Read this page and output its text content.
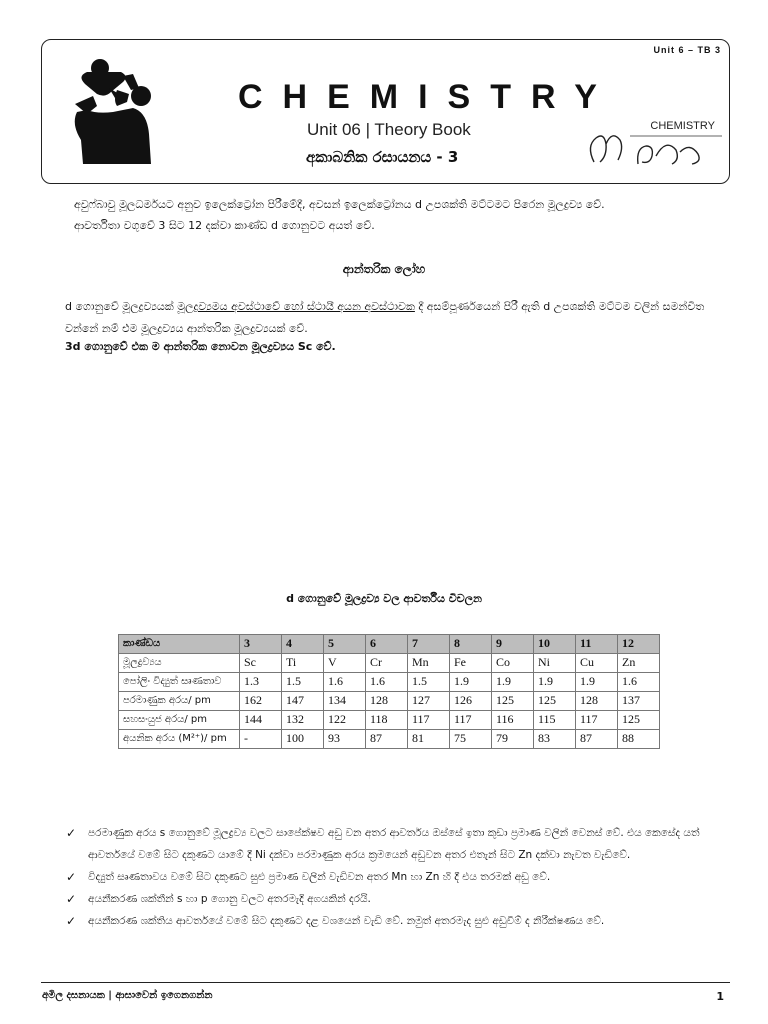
Unit 6 – TB 3
CHEMISTRY
Unit 06 | Theory Book
අකාබනික රසායනය - 3
CHEMISTRY
අවුෆ්බාවු මූලධර්මයට අනුව ඉලෙක්ට්‍රෝන පිරීමේදී, අවසන් ඉලෙක්ට්‍රෝනය d උපශක්ති මට්ටමට පිරෙන මූලද්‍රව්‍ය වේ.
ආවර්තිතා වගුවේ 3 සිට 12 දක්වා කාණ්ඩ d ගොනුවට අයත් වේ.
ආන්තරික ලෝහ
d ගොනුවේ මූලද්‍රව්‍යයක් මූලද්‍රව්‍යමය අවස්ථාවේ හෝ ස්ථායී අයන අවස්ථාවක දී අසම්පූර්ණයෙන් පිරී ඇති d උපශක්ති මට්ටම වලින් සමන්විත වන්නේ නම් එම මූලද්‍රව්‍යය ආන්තරික මූලද්‍රව්‍යයක් වේ.
3d ගොනුවේ එක ම ආන්තරික නොවන මූලද්‍රව්‍යය Sc වේ.
d ගොනුවේ මූලද්‍රව්‍ය වල ආවර්තීය විචලන
කාණ්ඩය	3	4	5	6	7	8	9	10	11	12
මූලද්‍රව්‍යය	Sc	Ti	V	Cr	Mn	Fe	Co	Ni	Cu	Zn
පෝලිං විද්‍යුත් සෘණතාව	1.3	1.5	1.6	1.6	1.5	1.9	1.9	1.9	1.9	1.6
පරමාණුක අරය/ pm	162	147	134	128	127	126	125	125	128	137
සහසංයුජ අරය/ pm	144	132	122	118	117	117	116	115	117	125
අයනික අරය (M²⁺)/ pm	-	100	93	87	81	75	79	83	87	88
✓ පරමාණුක අරය s ගොනුවේ මූලද්‍රව්‍ය වලට සාපේක්ෂව අඩු වන අතර ආවර්තය ඔස්සේ ඉතා කුඩා ප්‍රමාණ වලින් වෙනස් වේ. එය කෙසේද යත් ආවර්තයේ වමේ සිට දකුණට යාමේ දී Ni දක්වා පරමාණුක අරය ක්‍රමයෙන් අඩුවන අතර එතැන් සිට Zn දක්වා නැවත වැඩිවේ.
✓ විද්‍යුත් සෘණතාවය වමේ සිට දකුණට සුළු ප්‍රමාණ වලින් වැඩිවන අතර Mn හා Zn හි දී එය තරමක් අඩු වේ.
✓ අයනීකරණ ශක්තීන් s හා p ගොනු වලට අතරමැදි අගයකින් දරයි.
✓ අයනීකරණ ශක්තිය ආවර්තයේ වමේ සිට දකුණට දළ වශයෙන් වැඩි වේ. නමුත් අතරමැද සුළු අඩුවීම් ද නිරීක්ෂණය වේ.
අමිල දසනායක | ආසාවෙන් ඉගෙනගන්න	1
